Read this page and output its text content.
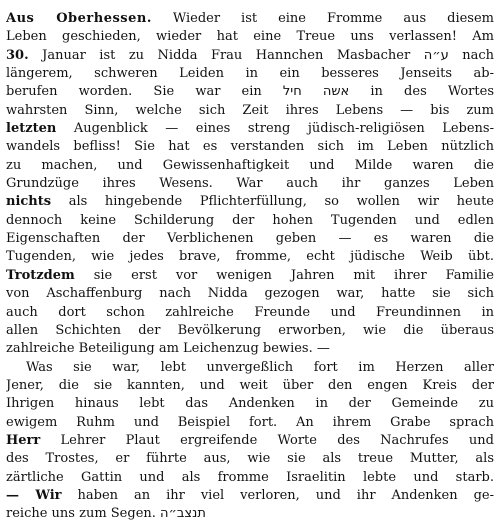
Aus Oberhessen. Wieder ist eine Fromme aus diesem
Leben geschieden, wieder hat eine Treue uns verlassen! Am
30. Januar ist zu Nidda Frau Hannchen Masbacher ע״ה nach
längerem, schweren Leiden in ein besseres Jenseits ab-
berufen worden. Sie war ein אשה חיל in des Wortes
wahrsten Sinn, welche sich Zeit ihres Lebens — bis zum
letzten Augenblick — eines streng jüdisch-religiösen Lebens-
wandels befliss! Sie hat es verstanden sich im Leben nützlich
zu machen, und Gewissenhaftigkeit und Milde waren die
Grundzüge ihres Wesens. War auch ihr ganzes Leben
nichts als hingebende Pflichterfüllung, so wollen wir heute
dennoch keine Schilderung der hohen Tugenden und edlen
Eigenschaften der Verblichenen geben — es waren die
Tugenden, wie jedes brave, fromme, echt jüdische Weib übt.
Trotzdem sie erst vor wenigen Jahren mit ihrer Familie
von Aschaffenburg nach Nidda gezogen war, hatte sie sich
auch dort schon zahlreiche Freunde und Freundinnen in
allen Schichten der Bevölkerung erworben, wie die überaus
zahlreiche Beteiligung am Leichenzug bewies. —
Was sie war, lebt unvergeßlich fort im Herzen aller
Jener, die sie kannten, und weit über den engen Kreis der
Ihrigen hinaus lebt das Andenken in der Gemeinde zu
ewigem Ruhm und Beispiel fort. An ihrem Grabe sprach
Herr Lehrer Plaut ergreifende Worte des Nachrufes und
des Trostes, er führte aus, wie sie als treue Mutter, als
zärtliche Gattin und als fromme Israelitin lebte und starb.
— Wir haben an ihr viel verloren, und ihr Andenken ge-
reiche uns zum Segen. תנצב״ה
